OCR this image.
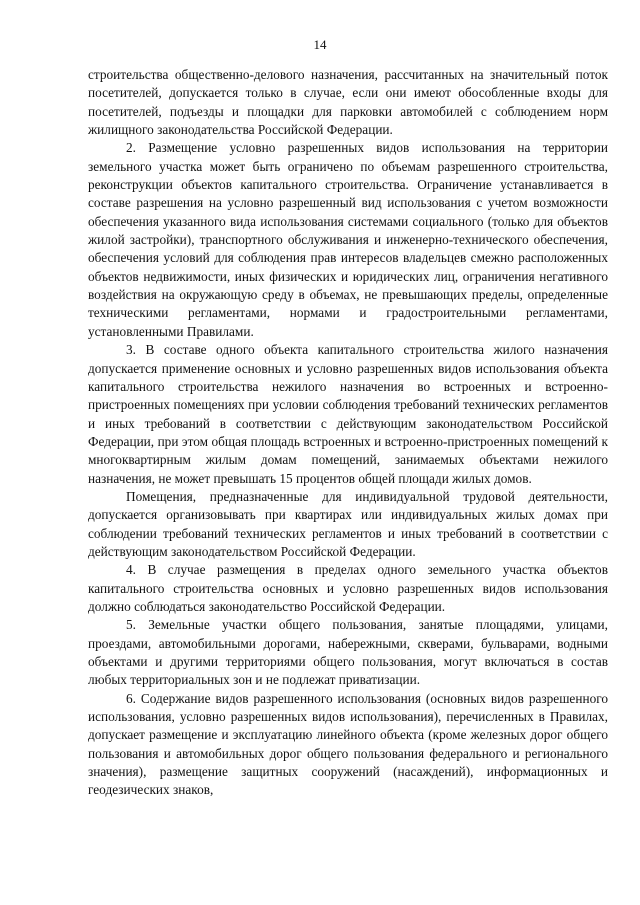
14

строительства общественно-делового назначения, рассчитанных на значительный поток посетителей, допускается только в случае, если они имеют обособленные входы для посетителей, подъезды и площадки для парковки автомобилей с соблюдением норм жилищного законодательства Российской Федерации.

2. Размещение условно разрешенных видов использования на территории земельного участка может быть ограничено по объемам разрешенного строительства, реконструкции объектов капитального строительства. Ограничение устанавливается в составе разрешения на условно разрешенный вид использования с учетом возможности обеспечения указанного вида использования системами социального (только для объектов жилой застройки), транспортного обслуживания и инженерно-технического обеспечения, обеспечения условий для соблюдения прав интересов владельцев смежно расположенных объектов недвижимости, иных физических и юридических лиц, ограничения негативного воздействия на окружающую среду в объемах, не превышающих пределы, определенные техническими регламентами, нормами и градостроительными регламентами, установленными Правилами.

3. В составе одного объекта капитального строительства жилого назначения допускается применение основных и условно разрешенных видов использования объекта капитального строительства нежилого назначения во встроенных и встроенно-пристроенных помещениях при условии соблюдения требований технических регламентов и иных требований в соответствии с действующим законодательством Российской Федерации, при этом общая площадь встроенных и встроенно-пристроенных помещений к многоквартирным жилым домам помещений, занимаемых объектами нежилого назначения, не может превышать 15 процентов общей площади жилых домов.

Помещения, предназначенные для индивидуальной трудовой деятельности, допускается организовывать при квартирах или индивидуальных жилых домах при соблюдении требований технических регламентов и иных требований в соответствии с действующим законодательством Российской Федерации.

4. В случае размещения в пределах одного земельного участка объектов капитального строительства основных и условно разрешенных видов использования должно соблюдаться законодательство Российской Федерации.

5. Земельные участки общего пользования, занятые площадями, улицами, проездами, автомобильными дорогами, набережными, скверами, бульварами, водными объектами и другими территориями общего пользования, могут включаться в состав любых территориальных зон и не подлежат приватизации.

6. Содержание видов разрешенного использования (основных видов разрешенного использования, условно разрешенных видов использования), перечисленных в Правилах, допускает размещение и эксплуатацию линейного объекта (кроме железных дорог общего пользования и автомобильных дорог общего пользования федерального и регионального значения), размещение защитных сооружений (насаждений), информационных и геодезических знаков,
